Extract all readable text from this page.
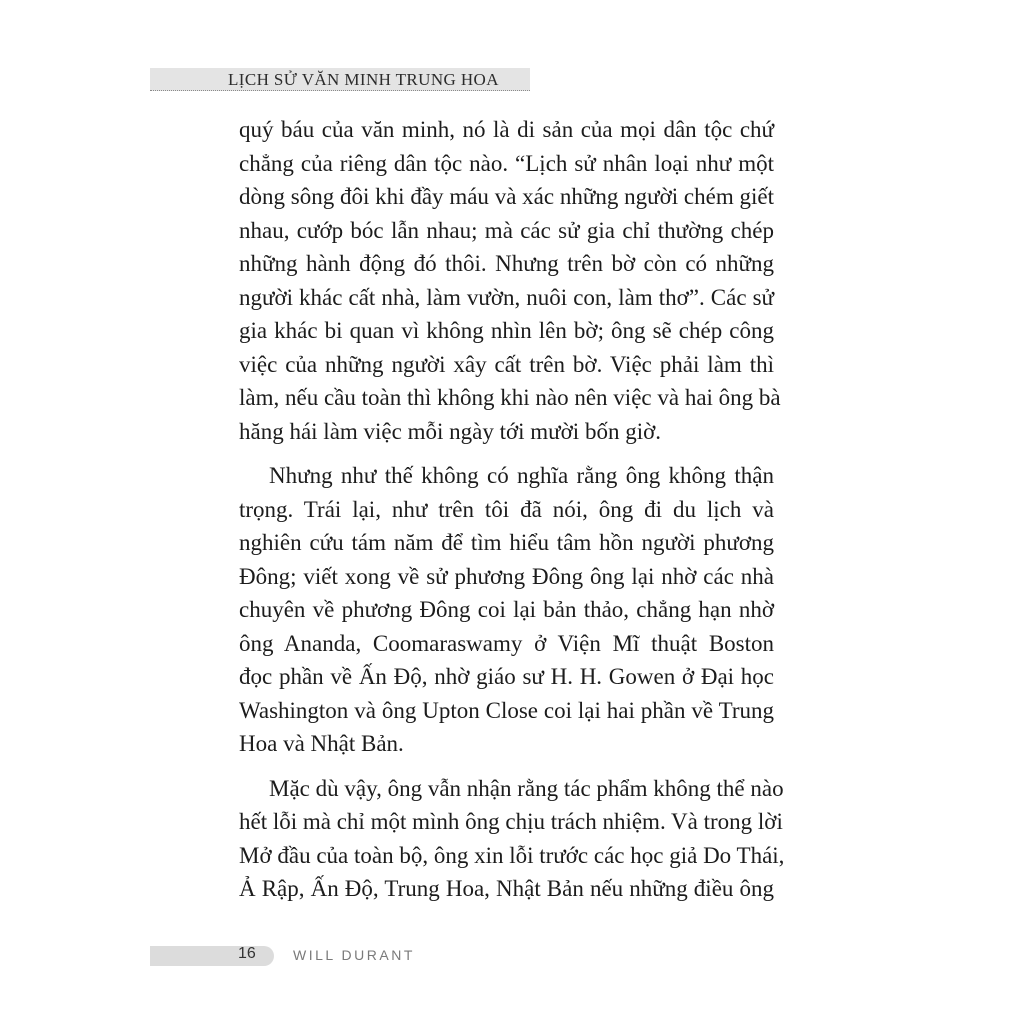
LỊCH SỬ VĂN MINH TRUNG HOA
quý báu của văn minh, nó là di sản của mọi dân tộc chứ
chẳng của riêng dân tộc nào. “Lịch sử nhân loại như một
dòng sông đôi khi đầy máu và xác những người chém giết
nhau, cướp bóc lẫn nhau; mà các sử gia chỉ thường chép
những hành động đó thôi. Nhưng trên bờ còn có những
người khác cất nhà, làm vườn, nuôi con, làm thơ”. Các sử
gia khác bi quan vì không nhìn lên bờ; ông sẽ chép công
việc của những người xây cất trên bờ. Việc phải làm thì
làm, nếu cầu toàn thì không khi nào nên việc và hai ông bà
hăng hái làm việc mỗi ngày tới mười bốn giờ.
Nhưng như thế không có nghĩa rằng ông không thận
trọng. Trái lại, như trên tôi đã nói, ông đi du lịch và
nghiên cứu tám năm để tìm hiểu tâm hồn người phương
Đông; viết xong về sử phương Đông ông lại nhờ các nhà
chuyên về phương Đông coi lại bản thảo, chẳng hạn nhờ
ông Ananda, Coomaraswamy ở Viện Mĩ thuật Boston
đọc phần về Ấn Độ, nhờ giáo sư H. H. Gowen ở Đại học
Washington và ông Upton Close coi lại hai phần về Trung
Hoa và Nhật Bản.
Mặc dù vậy, ông vẫn nhận rằng tác phẩm không thể nào
hết lỗi mà chỉ một mình ông chịu trách nhiệm. Và trong lời
Mở đầu của toàn bộ, ông xin lỗi trước các học giả Do Thái,
Ả Rập, Ấn Độ, Trung Hoa, Nhật Bản nếu những điều ông
16	WILL DURANT
